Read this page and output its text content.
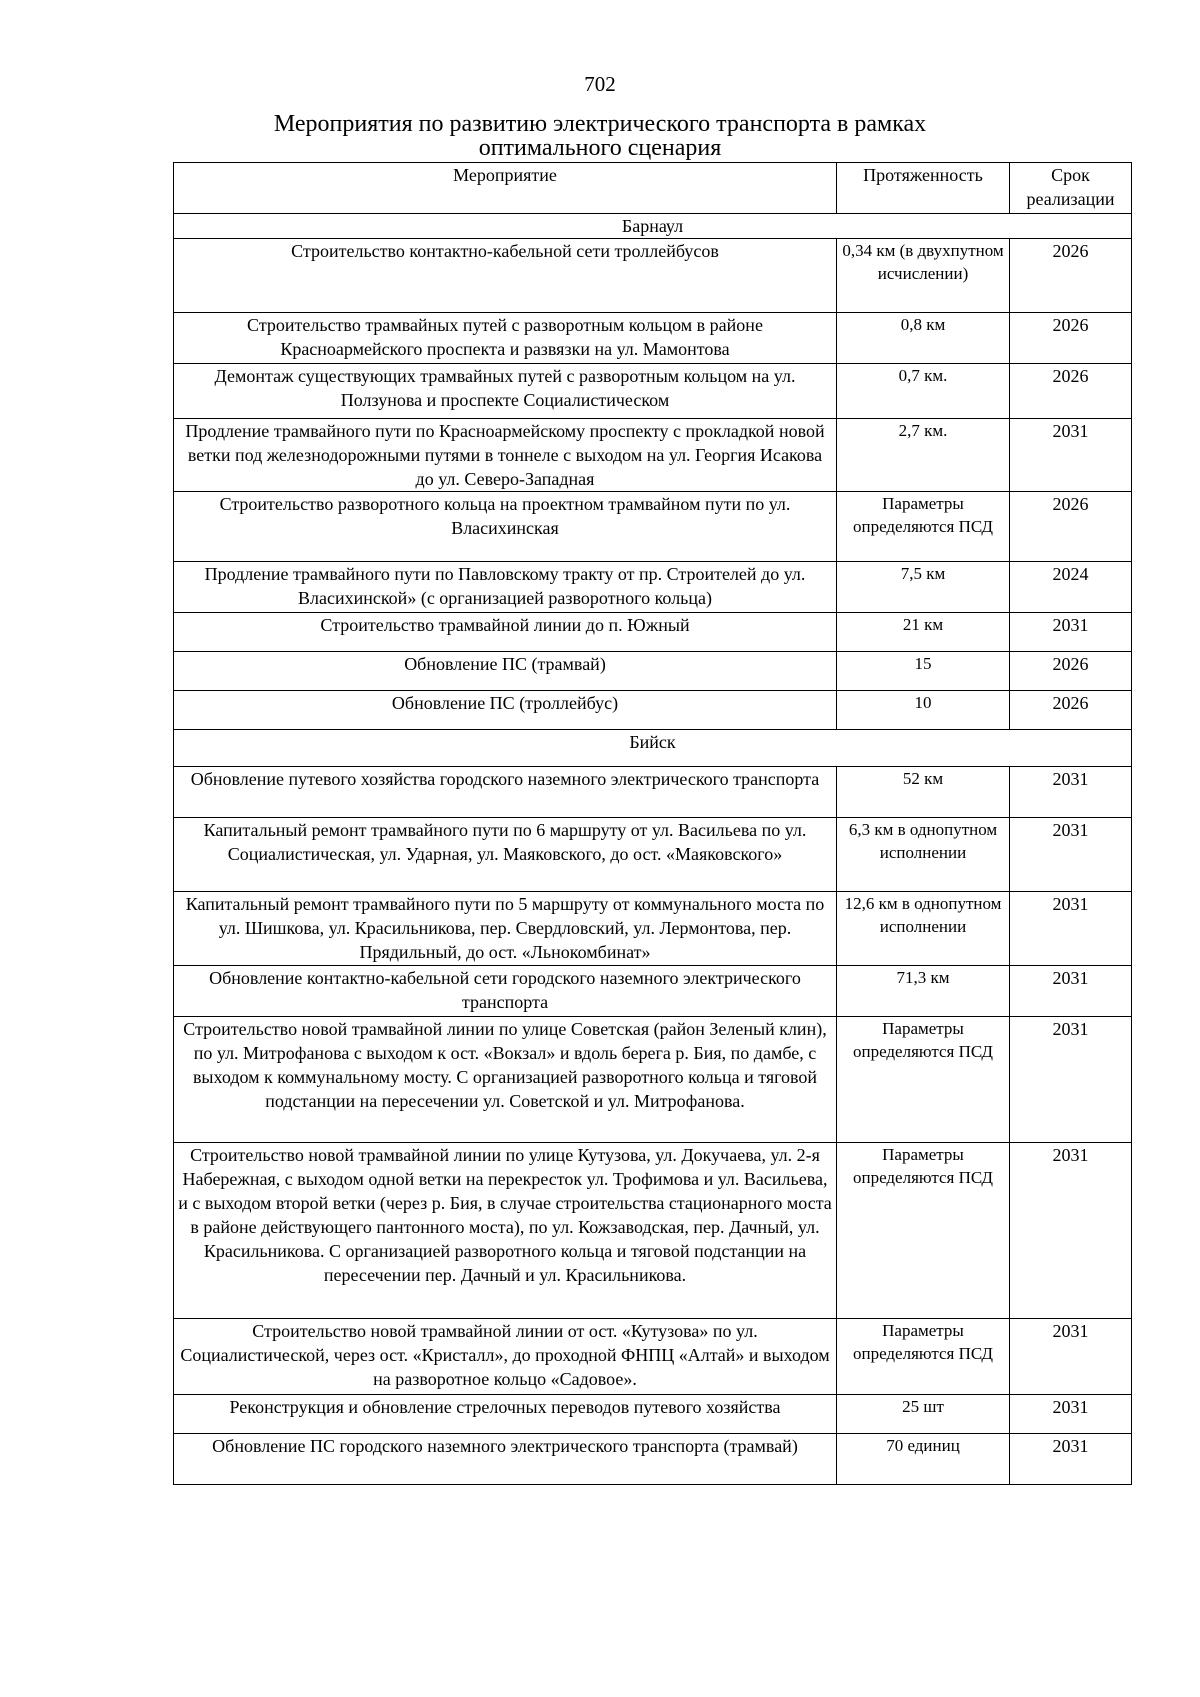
702
Мероприятия по развитию электрического транспорта в рамках
оптимального сценария
Мероприятие	Протяженность	Срок реализации
Барнаул		
Строительство контактно-кабельной сети троллейбусов	0,34 км (в двухпутном исчислении)	2026
Строительство трамвайных путей с разворотным кольцом в районе Красноармейского проспекта и развязки на ул. Мамонтова	0,8 км	2026
Демонтаж существующих трамвайных путей с разворотным кольцом на ул. Ползунова и проспекте Социалистическом	0,7 км.	2026
Продление трамвайного пути по Красноармейскому проспекту с прокладкой новой ветки под железнодорожными путями в тоннеле с выходом на ул. Георгия Исакова до ул. Северо-Западная	2,7 км.	2031
Строительство разворотного кольца на проектном трамвайном пути по ул. Власихинская	Параметры определяются ПСД	2026
Продление трамвайного пути по Павловскому тракту от пр. Строителей до ул. Власихинской» (с организацией разворотного кольца)	7,5 км	2024
Строительство трамвайной линии до п. Южный	21 км	2031
Обновление ПС (трамвай)	15	2026
Обновление ПС (троллейбус)	10	2026
Бийск		
Обновление путевого хозяйства городского наземного электрического транспорта	52 км	2031
Капитальный ремонт трамвайного пути по 6 маршруту от ул. Васильева по ул. Социалистическая, ул. Ударная, ул. Маяковского, до ост. «Маяковского»	6,3 км в однопутном исполнении	2031
Капитальный ремонт трамвайного пути по 5 маршруту от коммунального моста по ул. Шишкова, ул. Красильникова, пер. Свердловский, ул. Лермонтова, пер. Прядильный, до ост. «Льнокомбинат»	12,6 км в однопутном исполнении	2031
Обновление контактно-кабельной сети городского наземного электрического транспорта	71,3 км	2031
Строительство новой трамвайной линии по улице Советская (район Зеленый клин), по ул. Митрофанова с выходом к ост. «Вокзал» и вдоль берега р. Бия, по дамбе, с выходом к коммунальному мосту. С организацией разворотного кольца и тяговой подстанции на пересечении ул. Советской и ул. Митрофанова.	Параметры определяются ПСД	2031
Строительство новой трамвайной линии по улице Кутузова, ул. Докучаева, ул. 2-я Набережная, с выходом одной ветки на перекресток ул. Трофимова и ул. Васильева, и с выходом второй ветки (через р. Бия, в случае строительства стационарного моста в районе действующего пантонного моста), по ул. Кожзаводская, пер. Дачный, ул. Красильникова. С организацией разворотного кольца и тяговой подстанции на пересечении пер. Дачный и ул. Красильникова.	Параметры определяются ПСД	2031
Строительство новой трамвайной линии от ост. «Кутузова» по ул. Социалистической, через ост. «Кристалл», до проходной ФНПЦ «Алтай» и выходом на разворотное кольцо «Садовое».	Параметры определяются ПСД	2031
Реконструкция и обновление стрелочных переводов путевого хозяйства	25 шт	2031
Обновление ПС городского наземного электрического транспорта (трамвай)	70 единиц	2031
